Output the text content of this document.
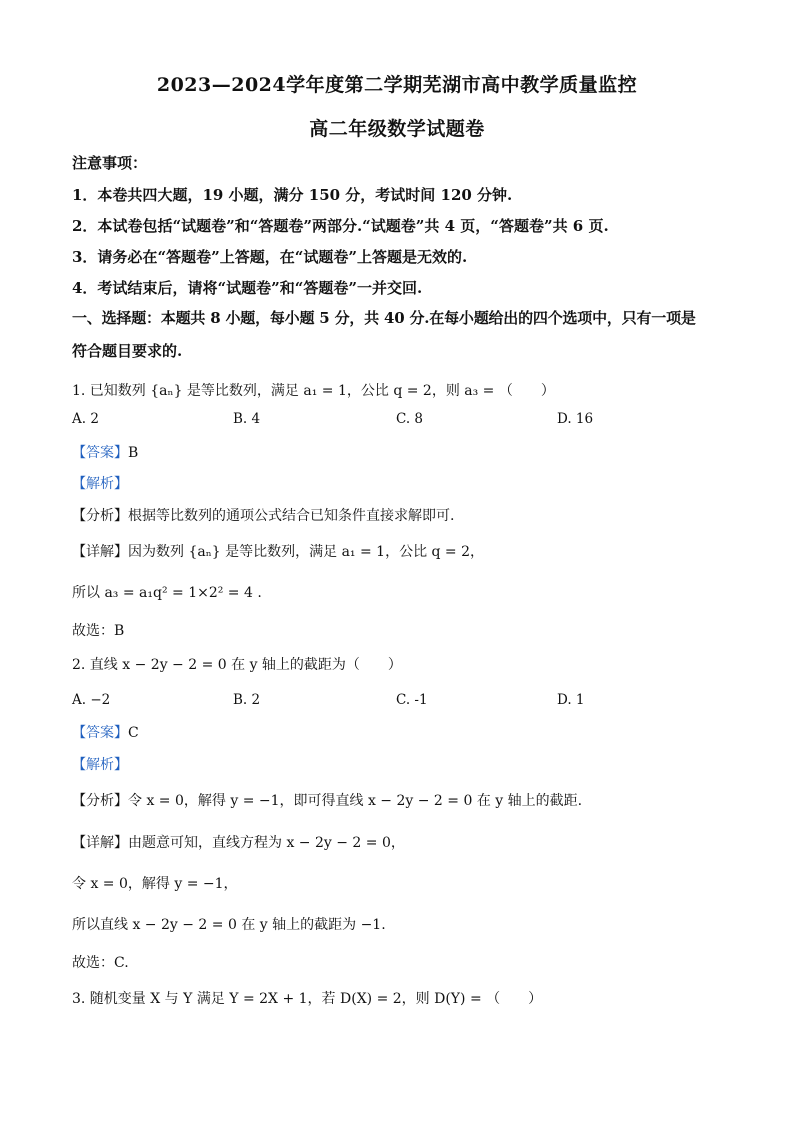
2023—2024学年度第二学期芜湖市高中教学质量监控
高二年级数学试题卷
注意事项：
1．本卷共四大题，19 小题，满分 150 分，考试时间 120 分钟.
2．本试卷包括“试题卷”和“答题卷”两部分.“试题卷”共 4 页，“答题卷”共 6 页.
3．请务必在“答题卷”上答题，在“试题卷”上答题是无效的.
4．考试结束后，请将“试题卷”和“答题卷”一并交回.
一、选择题：本题共 8 小题，每小题 5 分，共 40 分.在每小题给出的四个选项中，只有一项是
符合题目要求的.
1. 已知数列 {aₙ} 是等比数列，满足 a₁ = 1，公比 q = 2，则 a₃ = （　　）
A. 2	B. 4	C. 8	D. 16
【答案】B
【解析】
【分析】根据等比数列的通项公式结合已知条件直接求解即可.
【详解】因为数列 {aₙ} 是等比数列，满足 a₁ = 1，公比 q = 2，
所以 a₃ = a₁q² = 1×2² = 4 .
故选：B
2. 直线 x − 2y − 2 = 0 在 y 轴上的截距为（　　）
A. −2	B. 2	C. -1	D. 1
【答案】C
【解析】
【分析】令 x = 0，解得 y = −1，即可得直线 x − 2y − 2 = 0 在 y 轴上的截距.
【详解】由题意可知，直线方程为 x − 2y − 2 = 0，
令 x = 0，解得 y = −1，
所以直线 x − 2y − 2 = 0 在 y 轴上的截距为 −1.
故选：C.
3. 随机变量 X 与 Y 满足 Y = 2X + 1，若 D(X) = 2，则 D(Y) = （　　）
